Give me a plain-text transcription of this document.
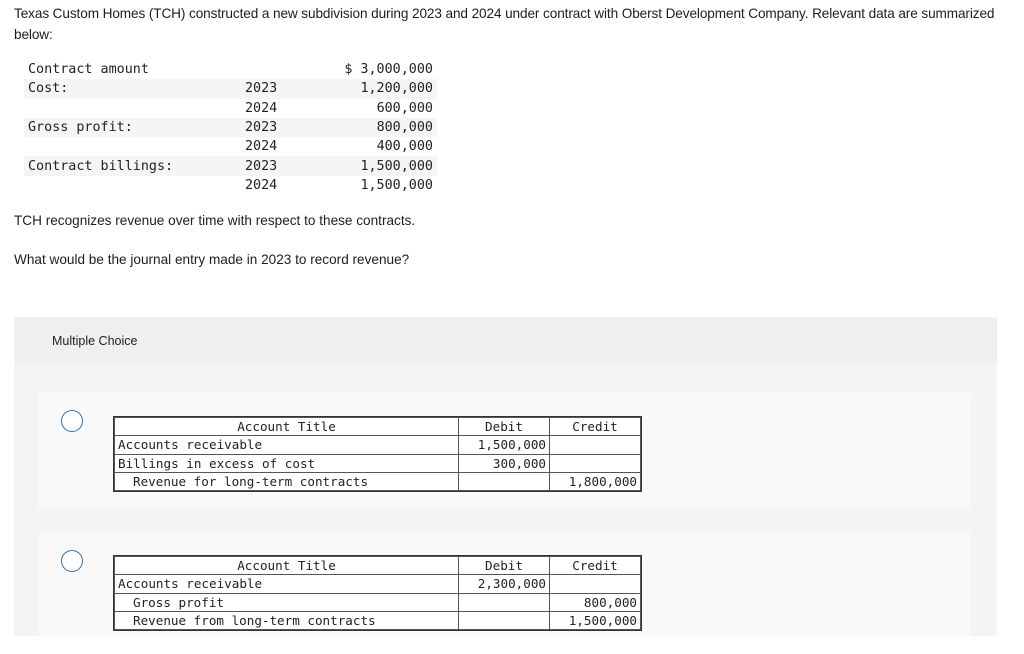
Texas Custom Homes (TCH) constructed a new subdivision during 2023 and 2024 under contract with Oberst Development Company. Relevant data are summarized below:
Contract amount		$ 3,000,000
Cost:	2023	1,200,000
	2024	600,000
Gross profit:	2023	800,000
	2024	400,000
Contract billings:	2023	1,500,000
	2024	1,500,000
TCH recognizes revenue over time with respect to these contracts.
What would be the journal entry made in 2023 to record revenue?
Multiple Choice
Account Title	Debit	Credit
Accounts receivable	1,500,000	
Billings in excess of cost	300,000	
Revenue for long-term contracts		1,800,000
Account Title	Debit	Credit
Accounts receivable	2,300,000	
Gross profit		800,000
Revenue from long-term contracts		1,500,000
